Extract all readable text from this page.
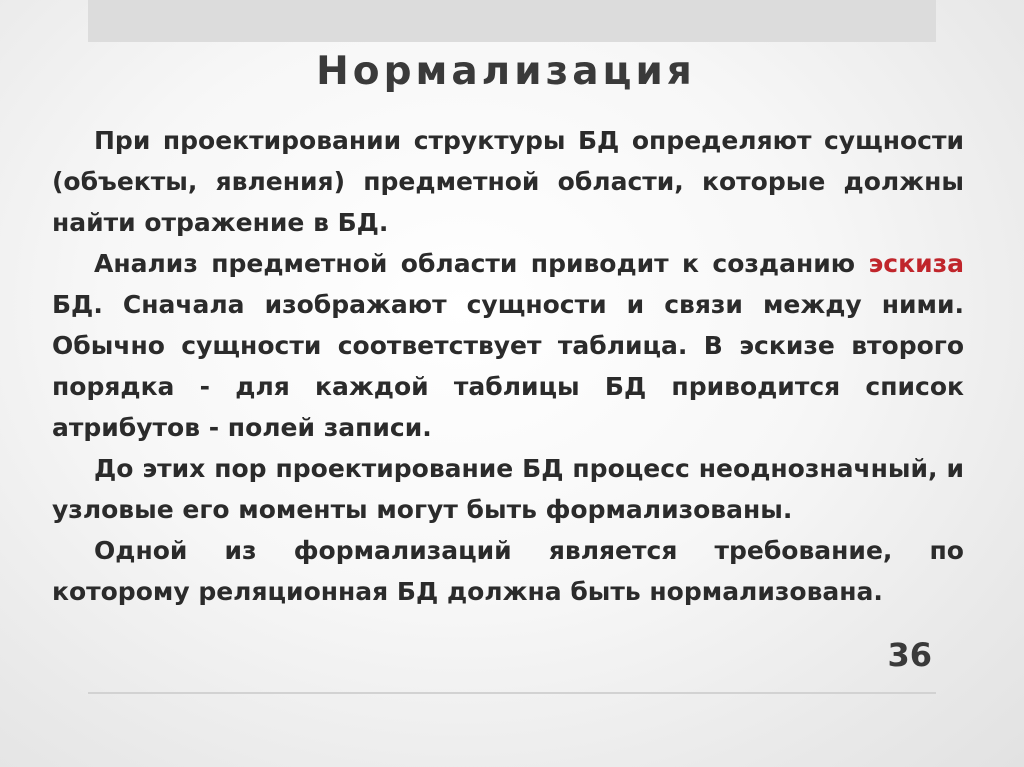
Нормализация

При проектировании структуры БД определяют сущности (объекты, явления) предметной области, которые должны найти отражение в БД.

Анализ предметной области приводит к созданию эскиза БД. Сначала изображают сущности и связи между ними. Обычно сущности соответствует таблица. В эскизе второго порядка - для каждой таблицы БД приводится список атрибутов - полей записи.

До этих пор проектирование БД процесс неоднозначный, и узловые его моменты могут быть формализованы.

Одной из формализаций является требование, по которому реляционная БД должна быть нормализована.

36
